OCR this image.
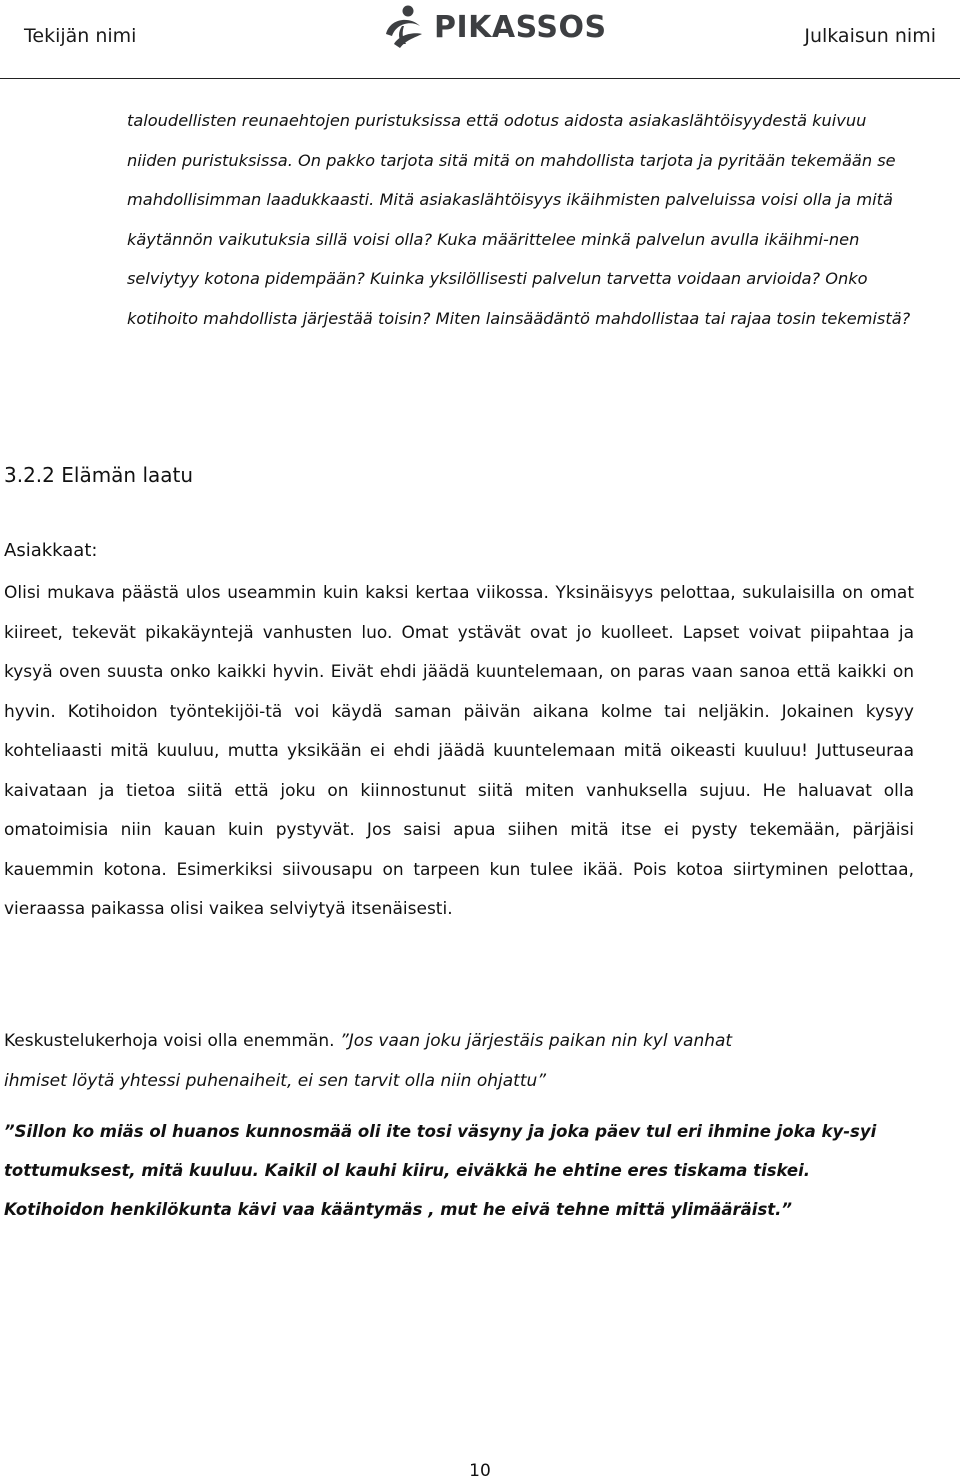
Tekijän nimi	PIKASSOS	Julkaisun nimi

taloudellisten reunaehtojen puristuksissa että odotus aidosta asiakaslähtöisyydestä kuivuu niiden puristuksissa. On pakko tarjota sitä mitä on mahdollista tarjota ja pyritään tekemään se mahdollisimman laadukkaasti. Mitä asiakaslähtöisyys ikäihmisten palveluissa voisi olla ja mitä käytännön vaikutuksia sillä voisi olla? Kuka määrittelee minkä palvelun avulla ikäihmi-nen selviytyy kotona pidempään? Kuinka yksilöllisesti palvelun tarvetta voidaan arvioida? Onko kotihoito mahdollista järjestää toisin? Miten lainsäädäntö mahdollistaa tai rajaa tosin tekemistä?

3.2.2 Elämän laatu
Asiakkaat:

Olisi mukava päästä ulos useammin kuin kaksi kertaa viikossa. Yksinäisyys pelottaa, sukulaisilla on omat kiireet, tekevät pikakäyntejä vanhusten luo. Omat ystävät ovat jo kuolleet. Lapset voivat piipahtaa ja kysyä oven suusta onko kaikki hyvin. Eivät ehdi jäädä kuuntelemaan, on paras vaan sanoa että kaikki on hyvin. Kotihoidon työntekijöi-tä voi käydä saman päivän aikana kolme tai neljäkin. Jokainen kysyy kohteliaasti mitä kuuluu, mutta yksikään ei ehdi jäädä kuuntelemaan mitä oikeasti kuuluu! Juttuseuraa kaivataan ja tietoa siitä että joku on kiinnostunut siitä miten vanhuksella sujuu. He haluavat olla omatoimisia niin kauan kuin pystyvät. Jos saisi apua siihen mitä itse ei pysty tekemään, pärjäisi kauemmin kotona. Esimerkiksi siivousapu on tarpeen kun tulee ikää. Pois kotoa siirtyminen pelottaa, vieraassa paikassa olisi vaikea selviytyä itsenäisesti.

Keskustelukerhoja voisi olla enemmän. ”Jos vaan joku järjestäis paikan nin kyl vanhat

ihmiset löytä yhtessi puhenaiheit, ei sen tarvit olla niin ohjattu”

”Sillon ko miäs ol huanos kunnosmää oli ite tosi väsyny ja joka päev tul eri ihmine joka ky-syi tottumuksest, mitä kuuluu. Kaikil ol kauhi kiiru, eiväkkä he ehtine eres tiskama tiskei. Kotihoidon henkilökunta kävi vaa kääntymäs , mut he eivä tehne mittä ylimääräist.”

10
